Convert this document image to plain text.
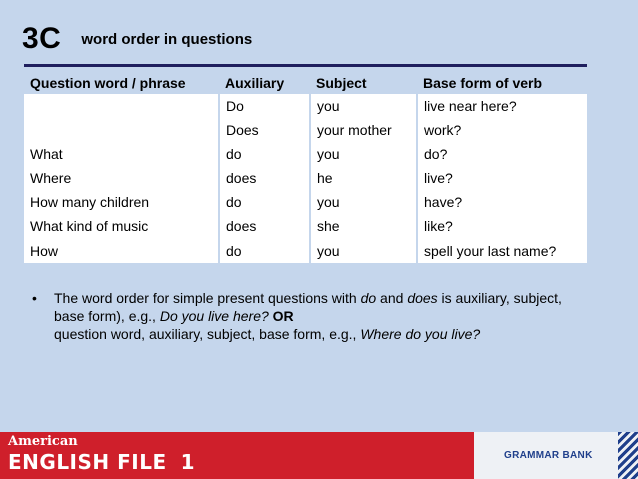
3C word order in questions
Question word / phrase	Auxiliary	Subject	Base form of verb
	Do	you	live near here?
	Does	your mother	work?
What	do	you	do?
Where	does	he	live?
How many children	do	you	have?
What kind of music	does	she	like?
How	do	you	spell your last name?
•	The word order for simple present questions with do and does is auxiliary, subject, base form), e.g., Do you live here? OR
question word, auxiliary, subject, base form, e.g., Where do you live?

American
ENGLISH FILE 1	GRAMMAR BANK
